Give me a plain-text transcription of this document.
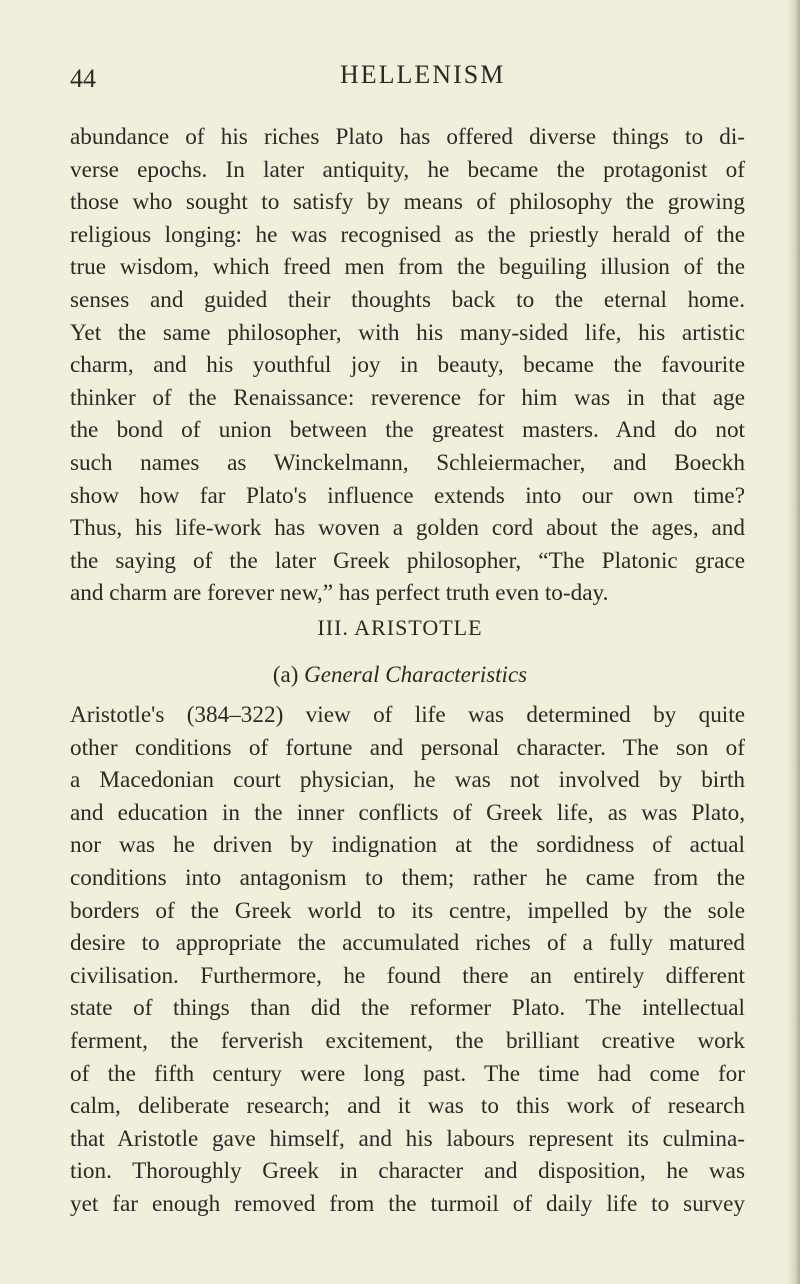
44	HELLENISM
abundance of his riches Plato has offered diverse things to di-
verse epochs. In later antiquity, he became the protagonist of
those who sought to satisfy by means of philosophy the growing
religious longing: he was recognised as the priestly herald of the
true wisdom, which freed men from the beguiling illusion of the
senses and guided their thoughts back to the eternal home.
Yet the same philosopher, with his many-sided life, his artistic
charm, and his youthful joy in beauty, became the favourite
thinker of the Renaissance: reverence for him was in that age
the bond of union between the greatest masters. And do not
such names as Winckelmann, Schleiermacher, and Boeckh
show how far Plato's influence extends into our own time?
Thus, his life-work has woven a golden cord about the ages, and
the saying of the later Greek philosopher, “The Platonic grace
and charm are forever new,” has perfect truth even to-day.
III. ARISTOTLE
(a) General Characteristics
Aristotle's (384–322) view of life was determined by quite
other conditions of fortune and personal character. The son of
a Macedonian court physician, he was not involved by birth
and education in the inner conflicts of Greek life, as was Plato,
nor was he driven by indignation at the sordidness of actual
conditions into antagonism to them; rather he came from the
borders of the Greek world to its centre, impelled by the sole
desire to appropriate the accumulated riches of a fully matured
civilisation. Furthermore, he found there an entirely different
state of things than did the reformer Plato. The intellectual
ferment, the ferverish excitement, the brilliant creative work
of the fifth century were long past. The time had come for
calm, deliberate research; and it was to this work of research
that Aristotle gave himself, and his labours represent its culmina-
tion. Thoroughly Greek in character and disposition, he was
yet far enough removed from the turmoil of daily life to survey
